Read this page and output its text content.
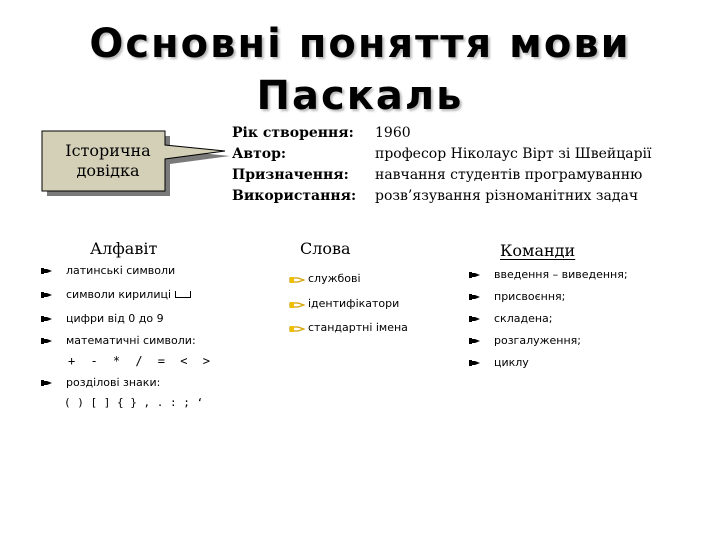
Основні поняття мови
Паскаль
Історична
довідка
Рік створення:	1960
Автор:	професор Ніколаус Вірт зі Швейцарії
Призначення:	навчання студентів програмуванню
Використання:	розв’язування різноманітних задач
Алфавіт	Слова	Команди
латинські символи
символи кирилиці
цифри від 0 до 9
математичні символи:
+ - * / = < >
розділові знаки:
( ) [ ] { } , . : ; ‘
службові
ідентифікатори
стандартні імена
введення – виведення;
присвоєння;
складена;
розгалуження;
циклу
